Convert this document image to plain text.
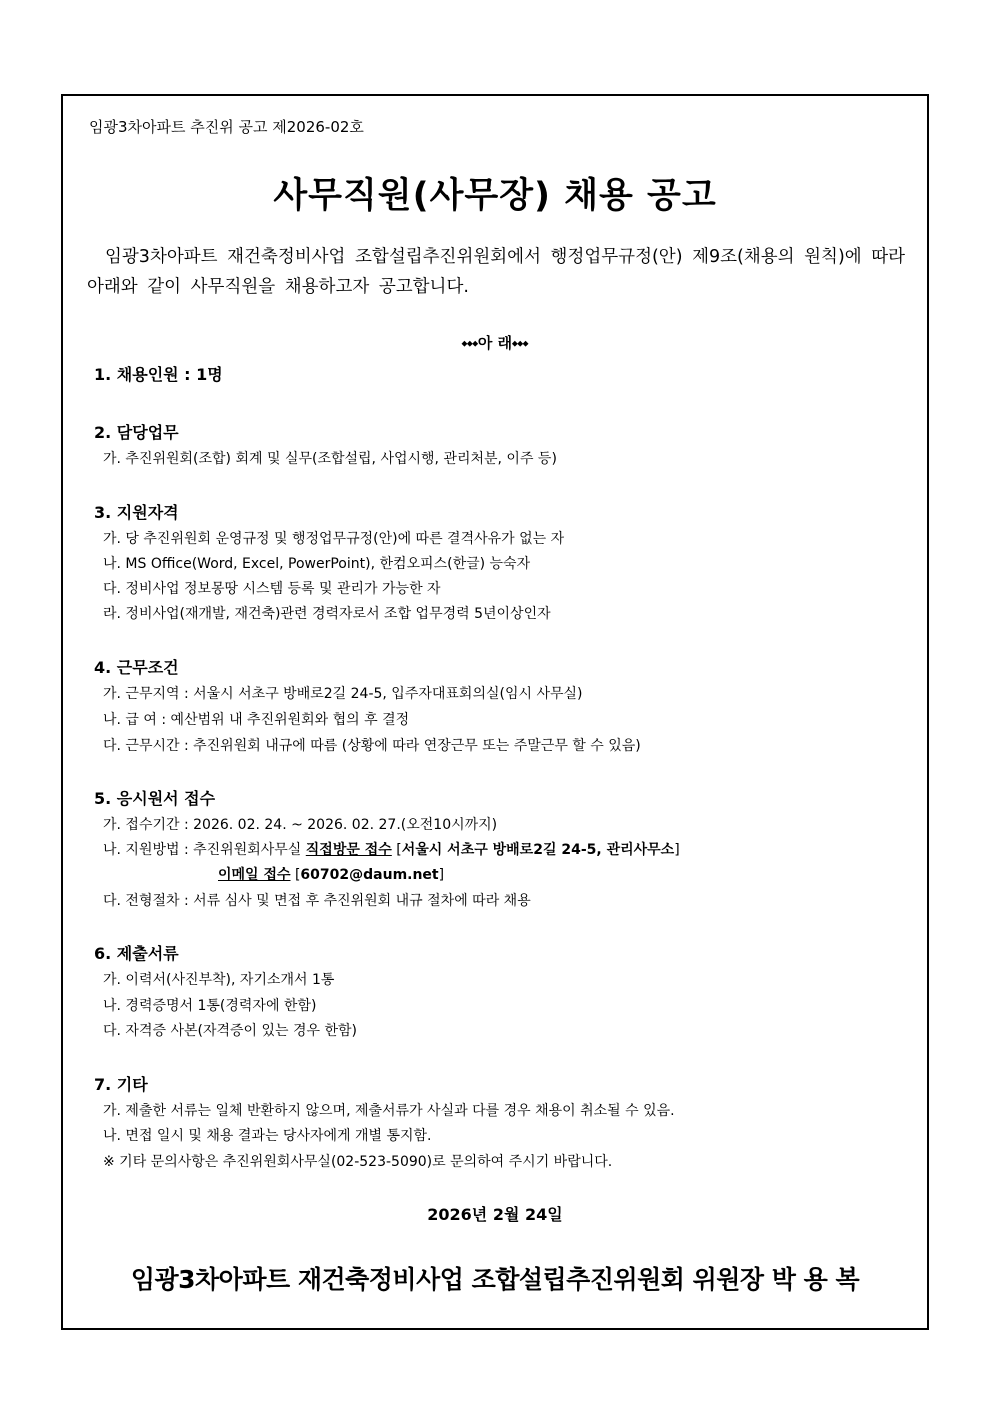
임광3차아파트 추진위 공고 제2026-02호
사무직원(사무장) 채용 공고
임광3차아파트 재건축정비사업 조합설립추진위원회에서 행정업무규정(안) 제9조(채용의 원칙)에 따라 아래와 같이 사무직원을 채용하고자 공고합니다.
⬩⬩⬩아 래⬩⬩⬩
1. 채용인원 : 1명
2. 담당업무
가. 추진위원회(조합) 회계 및 실무(조합설립, 사업시행, 관리처분, 이주 등)
3. 지원자격
가. 당 추진위원회 운영규정 및 행정업무규정(안)에 따른 결격사유가 없는 자
나. MS Office(Word, Excel, PowerPoint), 한컴오피스(한글) 능숙자
다. 정비사업 정보몽땅 시스템 등록 및 관리가 가능한 자
라. 정비사업(재개발, 재건축)관련 경력자로서 조합 업무경력 5년이상인자
4. 근무조건
가. 근무지역 : 서울시 서초구 방배로2길 24-5, 입주자대표회의실(임시 사무실)
나. 급 여 : 예산범위 내 추진위원회와 협의 후 결정
다. 근무시간 : 추진위원회 내규에 따름 (상황에 따라 연장근무 또는 주말근무 할 수 있음)
5. 응시원서 접수
가. 접수기간 : 2026. 02. 24. ~ 2026. 02. 27.(오전10시까지)
나. 지원방법 : 추진위원회사무실 직접방문 접수 [서울시 서초구 방배로2길 24-5, 관리사무소]
이메일 접수 [60702@daum.net]
다. 전형절차 : 서류 심사 및 면접 후 추진위원회 내규 절차에 따라 채용
6. 제출서류
가. 이력서(사진부착), 자기소개서 1통
나. 경력증명서 1통(경력자에 한함)
다. 자격증 사본(자격증이 있는 경우 한함)
7. 기타
가. 제출한 서류는 일체 반환하지 않으며, 제출서류가 사실과 다를 경우 채용이 취소될 수 있음.
나. 면접 일시 및 채용 결과는 당사자에게 개별 통지함.
※ 기타 문의사항은 추진위원회사무실(02-523-5090)로 문의하여 주시기 바랍니다.
2026년 2월 24일
임광3차아파트 재건축정비사업 조합설립추진위원회 위원장 박 용 복
